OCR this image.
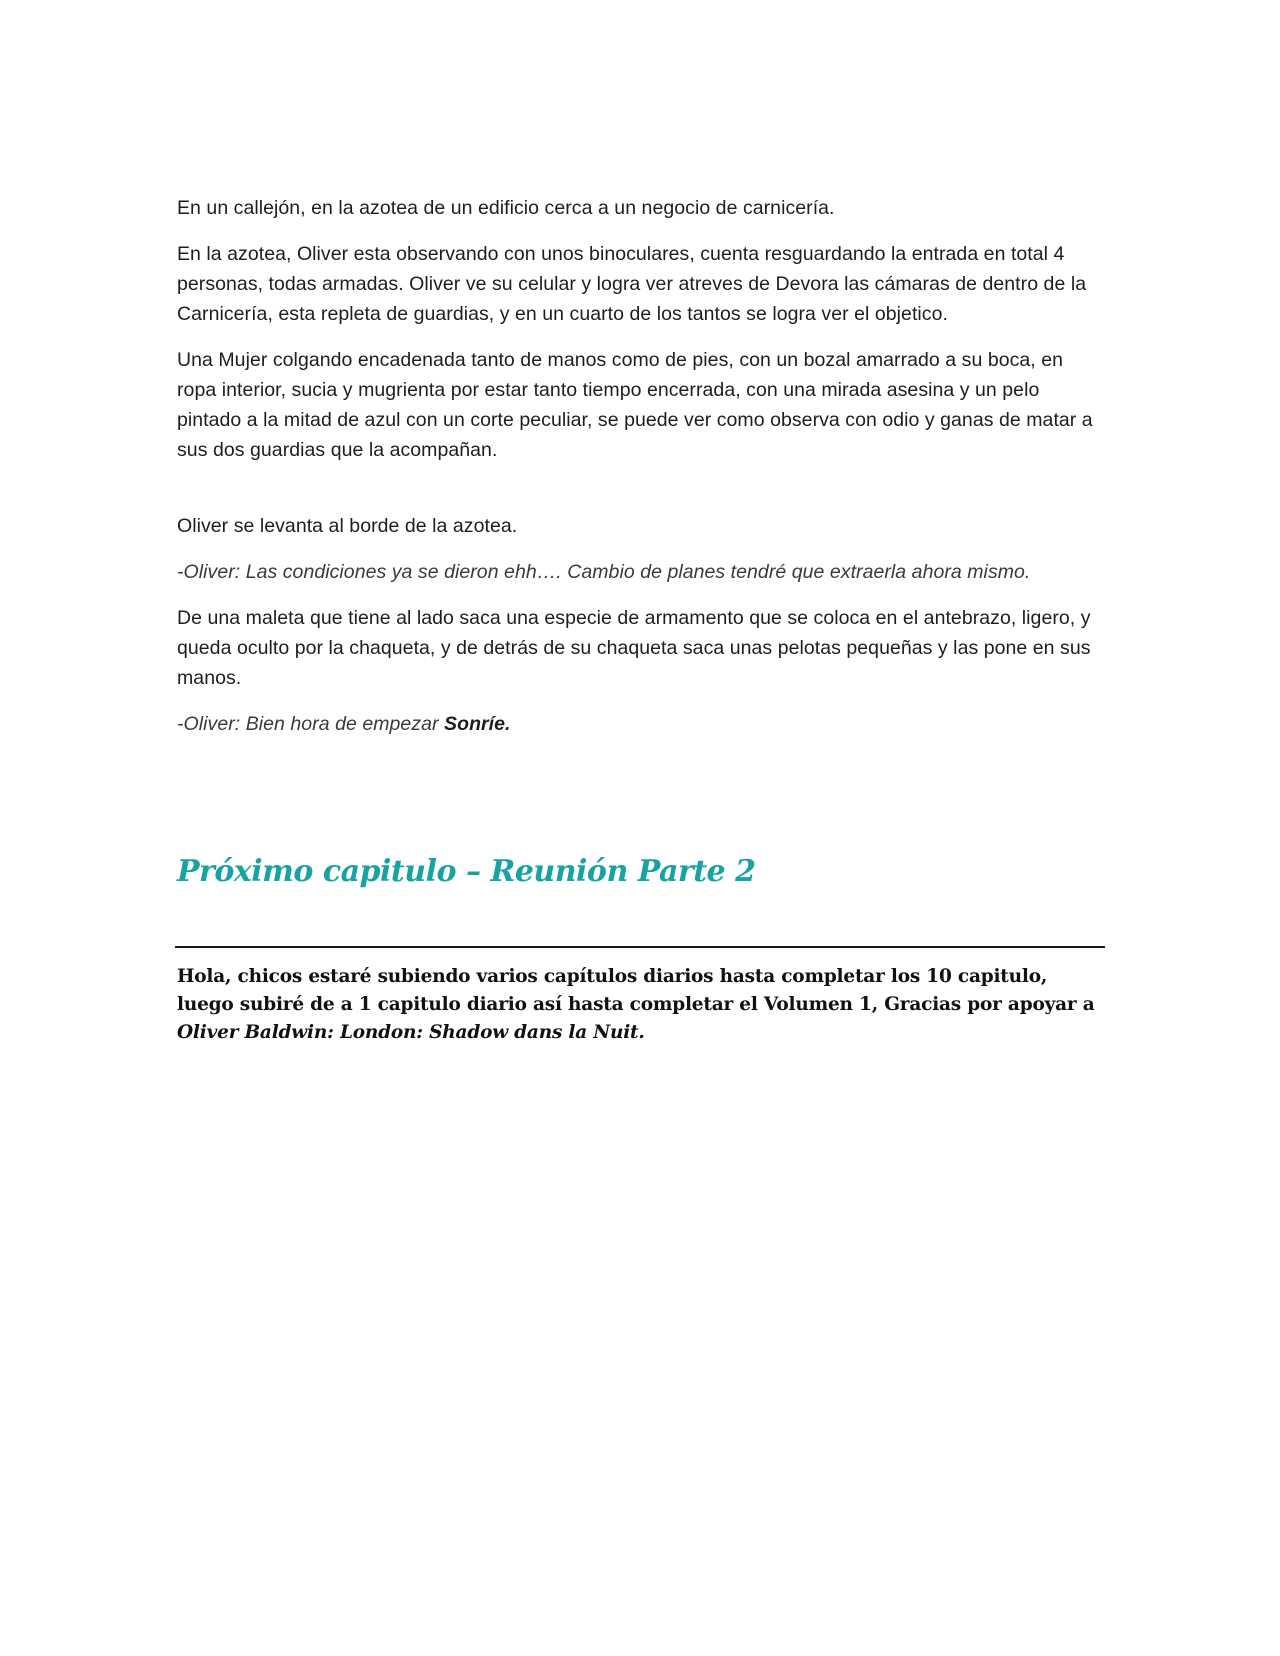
En un callejón, en la azotea de un edificio cerca a un negocio de carnicería.

En la azotea, Oliver esta observando con unos binoculares, cuenta resguardando la entrada en total 4 personas, todas armadas. Oliver ve su celular y logra ver atreves de Devora las cámaras de dentro de la Carnicería, esta repleta de guardias, y en un cuarto de los tantos se logra ver el objetico.

Una Mujer colgando encadenada tanto de manos como de pies, con un bozal amarrado a su boca, en ropa interior, sucia y mugrienta por estar tanto tiempo encerrada, con una mirada asesina y un pelo pintado a la mitad de azul con un corte peculiar, se puede ver como observa con odio y ganas de matar a sus dos guardias que la acompañan.

Oliver se levanta al borde de la azotea.

-Oliver: Las condiciones ya se dieron ehh…. Cambio de planes tendré que extraerla ahora mismo.

De una maleta que tiene al lado saca una especie de armamento que se coloca en el antebrazo, ligero, y queda oculto por la chaqueta, y de detrás de su chaqueta saca unas pelotas pequeñas y las pone en sus manos.

-Oliver: Bien hora de empezar Sonríe.

Próximo capitulo – Reunión Parte 2
Hola, chicos estaré subiendo varios capítulos diarios hasta completar los 10 capitulo, luego subiré de a 1 capitulo diario así hasta completar el Volumen 1, Gracias por apoyar a Oliver Baldwin: London: Shadow dans la Nuit.
